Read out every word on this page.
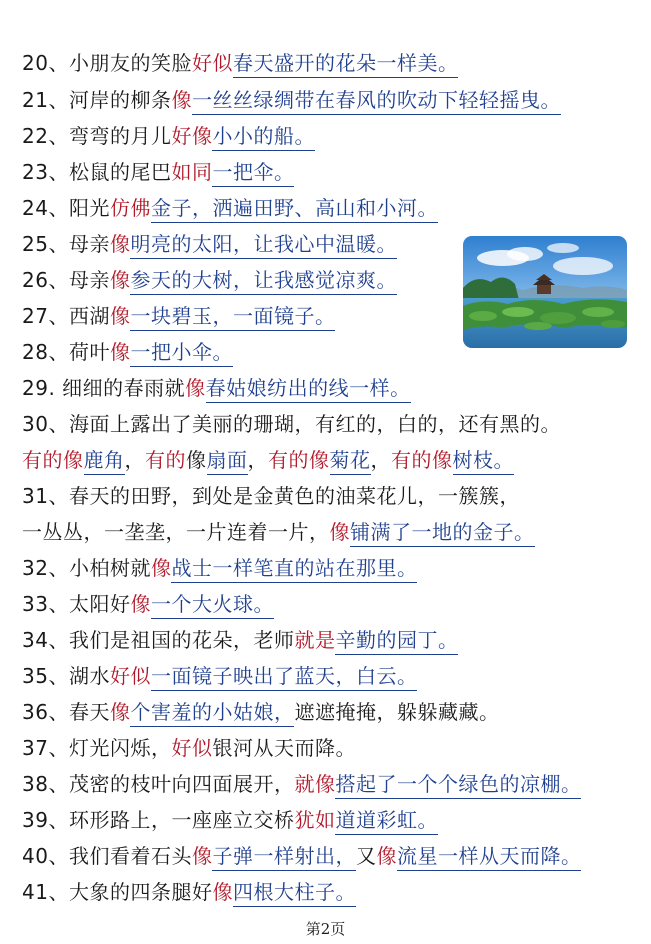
20、小朋友的笑脸好似春天盛开的花朵一样美。
21、河岸的柳条像一丝丝绿绸带在春风的吹动下轻轻摇曳。
22、弯弯的月儿好像小小的船。
23、松鼠的尾巴如同一把伞。
24、阳光仿佛金子，洒遍田野、高山和小河。
25、母亲像明亮的太阳，让我心中温暖。
26、母亲像参天的大树，让我感觉凉爽。
27、西湖像一块碧玉，一面镜子。
28、荷叶像一把小伞。
29. 细细的春雨就像春姑娘纺出的线一样。
30、海面上露出了美丽的珊瑚，有红的，白的，还有黑的。
有的像鹿角，有的像扇面，有的像菊花，有的像树枝。
31、春天的田野，到处是金黄色的油菜花儿，一簇簇，
一丛丛，一垄垄，一片连着一片，像铺满了一地的金子。
32、小柏树就像战士一样笔直的站在那里。
33、太阳好像一个大火球。
34、我们是祖国的花朵，老师就是辛勤的园丁。
35、湖水好似一面镜子映出了蓝天，白云。
36、春天像个害羞的小姑娘，遮遮掩掩，躲躲藏藏。
37、灯光闪烁，好似银河从天而降。
38、茂密的枝叶向四面展开，就像搭起了一个个绿色的凉棚。
39、环形路上，一座座立交桥犹如道道彩虹。
40、我们看着石头像子弹一样射出，又像流星一样从天而降。
41、大象的四条腿好像四根大柱子。
第2页
